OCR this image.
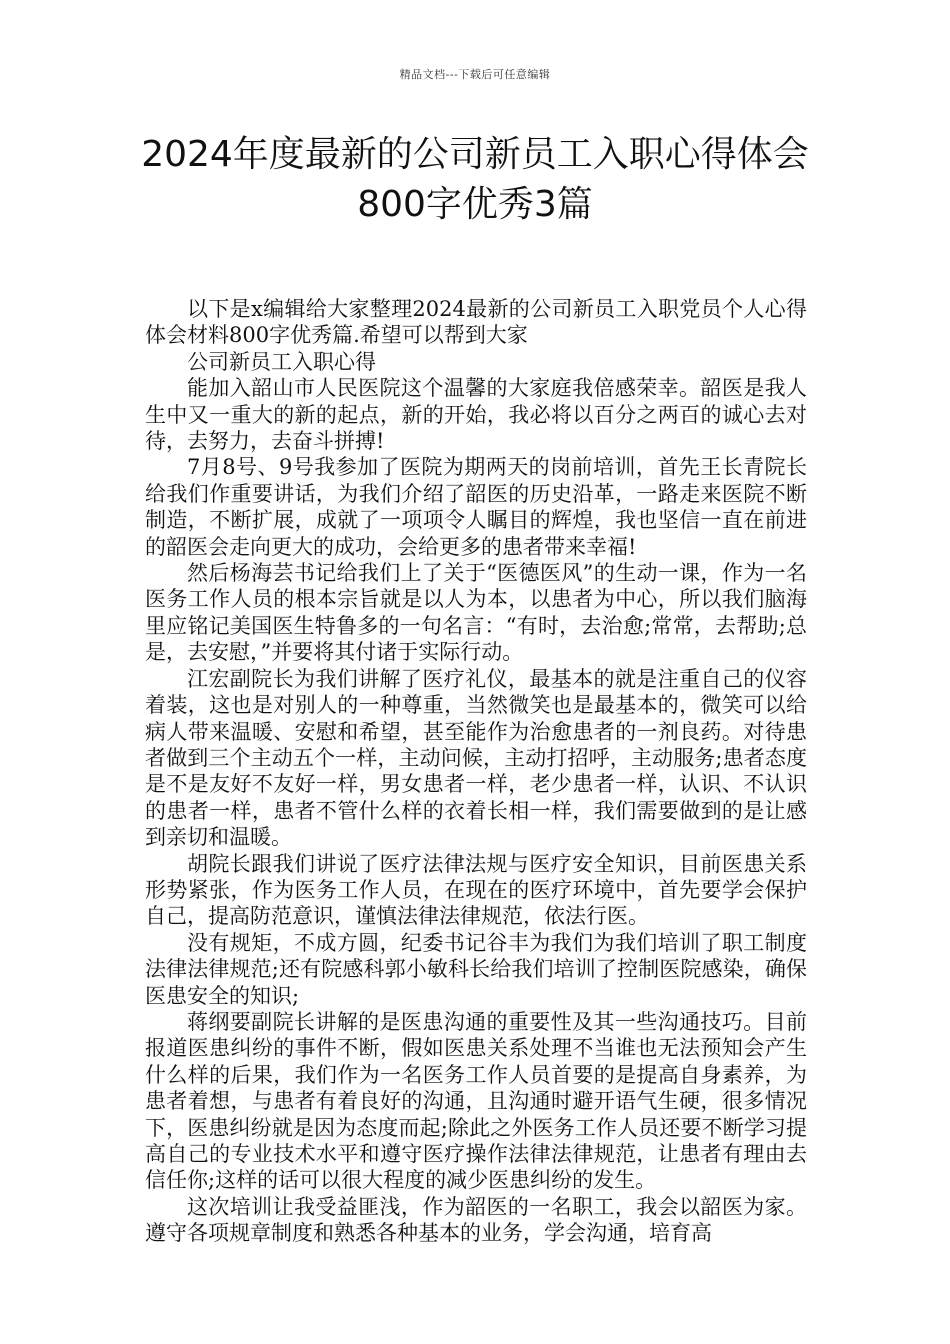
精品文档---下载后可任意编辑
2024年度最新的公司新员工入职心得体会800字优秀3篇

以下是x编辑给大家整理2024最新的公司新员工入职党员个人心得体会材料800字优秀篇.希望可以帮到大家

公司新员工入职心得

能加入韶山市人民医院这个温馨的大家庭我倍感荣幸。韶医是我人生中又一重大的新的起点，新的开始，我必将以百分之两百的诚心去对待，去努力，去奋斗拼搏!

7月8号、9号我参加了医院为期两天的岗前培训，首先王长青院长给我们作重要讲话，为我们介绍了韶医的历史沿革，一路走来医院不断制造，不断扩展，成就了一项项令人瞩目的辉煌，我也坚信一直在前进的韶医会走向更大的成功，会给更多的患者带来幸福!

然后杨海芸书记给我们上了关于“医德医风”的生动一课，作为一名医务工作人员的根本宗旨就是以人为本，以患者为中心，所以我们脑海里应铭记美国医生特鲁多的一句名言：“有时，去治愈;常常，去帮助;总是，去安慰，”并要将其付诸于实际行动。

江宏副院长为我们讲解了医疗礼仪，最基本的就是注重自己的仪容着装，这也是对别人的一种尊重，当然微笑也是最基本的，微笑可以给病人带来温暖、安慰和希望，甚至能作为治愈患者的一剂良药。对待患者做到三个主动五个一样，主动问候，主动打招呼，主动服务;患者态度是不是友好不友好一样，男女患者一样，老少患者一样，认识、不认识的患者一样，患者不管什么样的衣着长相一样，我们需要做到的是让感到亲切和温暖。

胡院长跟我们讲说了医疗法律法规与医疗安全知识，目前医患关系形势紧张，作为医务工作人员，在现在的医疗环境中，首先要学会保护自己，提高防范意识，谨慎法律法律规范，依法行医。

没有规矩，不成方圆，纪委书记谷丰为我们为我们培训了职工制度法律法律规范;还有院感科郭小敏科长给我们培训了控制医院感染，确保医患安全的知识;

蒋纲要副院长讲解的是医患沟通的重要性及其一些沟通技巧。目前报道医患纠纷的事件不断，假如医患关系处理不当谁也无法预知会产生什么样的后果，我们作为一名医务工作人员首要的是提高自身素养，为患者着想，与患者有着良好的沟通，且沟通时避开语气生硬，很多情况下，医患纠纷就是因为态度而起;除此之外医务工作人员还要不断学习提高自己的专业技术水平和遵守医疗操作法律法律规范，让患者有理由去信任你;这样的话可以很大程度的减少医患纠纷的发生。

这次培训让我受益匪浅，作为韶医的一名职工，我会以韶医为家。遵守各项规章制度和熟悉各种基本的业务，学会沟通，培育高
